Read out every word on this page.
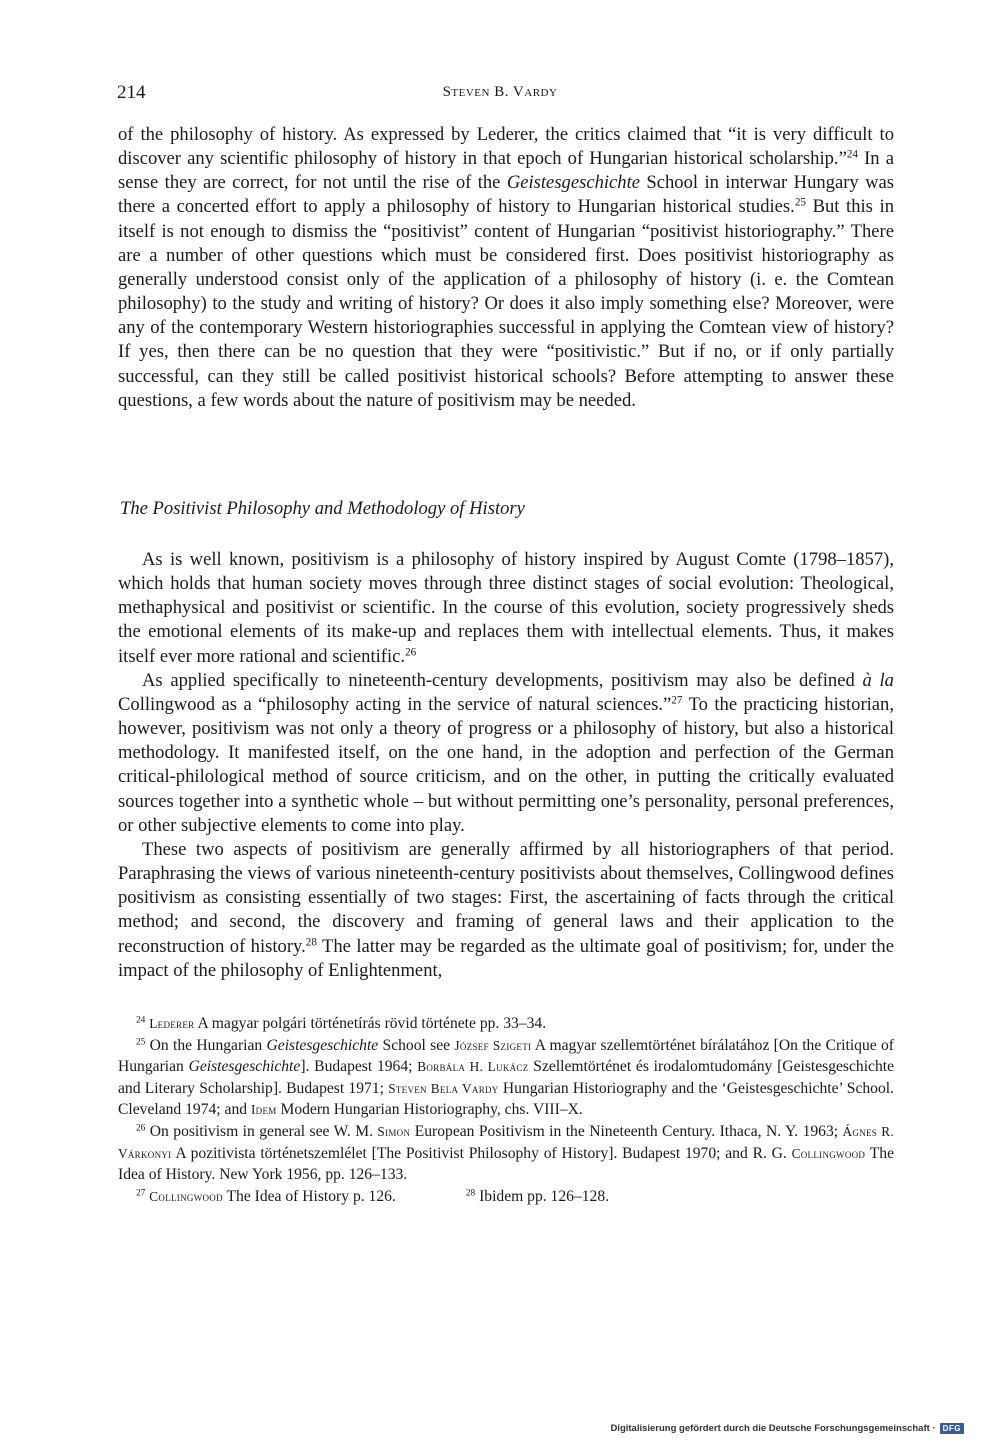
214	Steven B. Vardy

of the philosophy of history. As expressed by Lederer, the critics claimed that “it is very difficult to discover any scientific philosophy of history in that epoch of Hungarian historical scholarship.”$^{24}$ In a sense they are correct, for not until the rise of the Geistesgeschichte School in interwar Hungary was there a concerted effort to apply a philosophy of history to Hungarian historical studies.$^{25}$ But this in itself is not enough to dismiss the “positivist” content of Hungarian “positivist historiography.” There are a number of other questions which must be considered first. Does positivist historiography as generally understood consist only of the application of a philosophy of history (i. e. the Comtean philosophy) to the study and writing of history? Or does it also imply something else? Moreover, were any of the contemporary Western historiographies successful in applying the Comtean view of history? If yes, then there can be no question that they were “positivistic.” But if no, or if only partially successful, can they still be called positivist historical schools? Before attempting to answer these questions, a few words about the nature of positivism may be needed.

The Positivist Philosophy and Methodology of History

As is well known, positivism is a philosophy of history inspired by August Comte (1798–1857), which holds that human society moves through three distinct stages of social evolution: Theological, methaphysical and positivist or scientific. In the course of this evolution, society progressively sheds the emotional elements of its make-up and replaces them with intellectual elements. Thus, it makes itself ever more rational and scientific.$^{26}$

As applied specifically to nineteenth-century developments, positivism may also be defined à la Collingwood as a “philosophy acting in the service of natural sciences.”$^{27}$ To the practicing historian, however, positivism was not only a theory of progress or a philosophy of history, but also a historical methodology. It manifested itself, on the one hand, in the adoption and perfection of the German critical-philological method of source criticism, and on the other, in putting the critically evaluated sources together into a synthetic whole – but without permitting one’s personality, personal preferences, or other subjective elements to come into play.

These two aspects of positivism are generally affirmed by all historiographers of that period. Paraphrasing the views of various nineteenth-century positivists about themselves, Collingwood defines positivism as consisting essentially of two stages: First, the ascertaining of facts through the critical method; and second, the discovery and framing of general laws and their application to the reconstruction of history.$^{28}$ The latter may be regarded as the ultimate goal of positivism; for, under the impact of the philosophy of Enlightenment,

$^{24}$ Lederer A magyar polgári történetírás rövid története pp. 33–34.

$^{25}$ On the Hungarian Geistesgeschichte School see József Szigeti A magyar szellemtörténet bírálatához [On the Critique of Hungarian Geistesgeschichte]. Budapest 1964; Borbála H. Lukácz Szellemtörténet és irodalomtudomány [Geistesgeschichte and Literary Scholarship]. Budapest 1971; Steven Bela Vardy Hungarian Historiography and the ‘Geistesgeschichte’ School. Cleveland 1974; and Idem Modern Hungarian Historiography, chs. VIII–X.

$^{26}$ On positivism in general see W. M. Simon European Positivism in the Nineteenth Century. Ithaca, N. Y. 1963; Ágnes R. Várkonyi A pozitivista történetszemlélet [The Positivist Philosophy of History]. Budapest 1970; and R. G. Collingwood The Idea of History. New York 1956, pp. 126–133.

$^{27}$ Collingwood The Idea of History p. 126.	$^{28}$ Ibidem pp. 126–128.

Digitalisierung gefördert durch die Deutsche Forschungsgemeinschaft · DFG
